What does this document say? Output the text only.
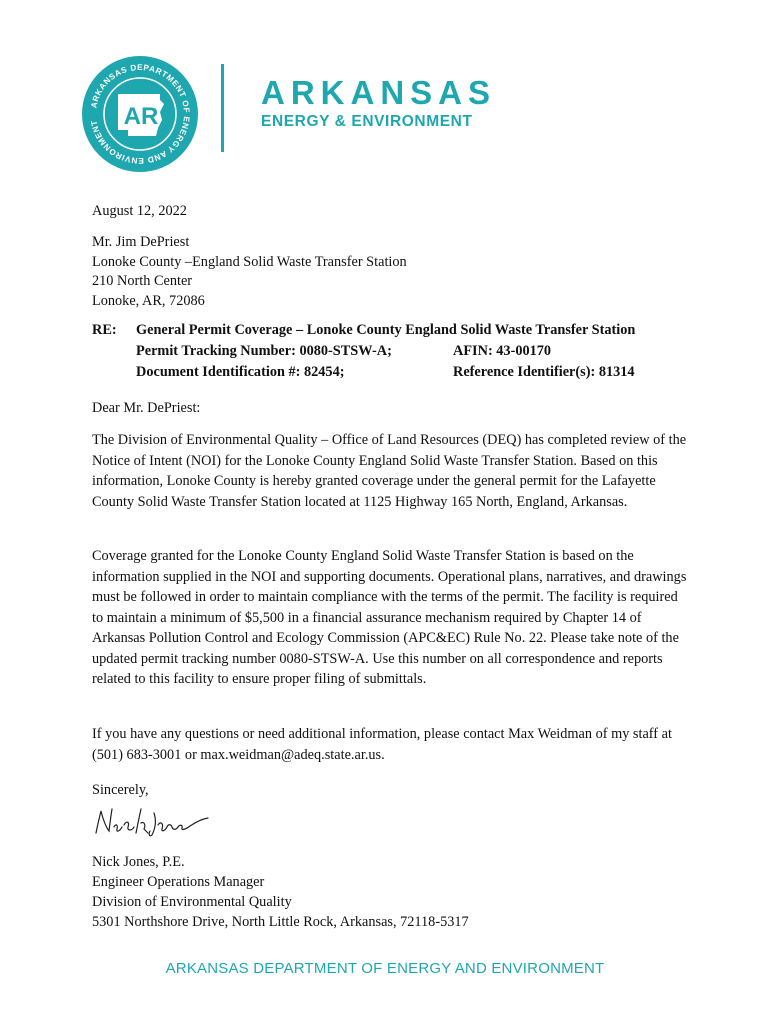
ARKANSAS DEPARTMENT OF ENERGY AND ENVIRONMENT	AR
ARKANSAS

ENERGY & ENVIRONMENT

August 12, 2022

Mr. Jim DePriest
Lonoke County –England Solid Waste Transfer Station
210 North Center
Lonoke, AR, 72086
RE: General Permit Coverage – Lonoke County England Solid Waste Transfer Station
Permit Tracking Number: 0080-STSW-A;	AFIN: 43-00170
Document Identification #: 82454;	Reference Identifier(s): 81314

Dear Mr. DePriest:

The Division of Environmental Quality – Office of Land Resources (DEQ) has completed review of the Notice of Intent (NOI) for the Lonoke County England Solid Waste Transfer Station. Based on this information, Lonoke County is hereby granted coverage under the general permit for the Lafayette County Solid Waste Transfer Station located at 1125 Highway 165 North, England, Arkansas.

Coverage granted for the Lonoke County England Solid Waste Transfer Station is based on the information supplied in the NOI and supporting documents. Operational plans, narratives, and drawings must be followed in order to maintain compliance with the terms of the permit. The facility is required to maintain a minimum of $5,500 in a financial assurance mechanism required by Chapter 14 of Arkansas Pollution Control and Ecology Commission (APC&EC) Rule No. 22. Please take note of the updated permit tracking number 0080-STSW-A. Use this number on all correspondence and reports related to this facility to ensure proper filing of submittals.

If you have any questions or need additional information, please contact Max Weidman of my staff at (501) 683-3001 or max.weidman@adeq.state.ar.us.

Sincerely,

Nick Jones, P.E.
Engineer Operations Manager
Division of Environmental Quality
5301 Northshore Drive, North Little Rock, Arkansas, 72118-5317
ARKANSAS DEPARTMENT OF ENERGY AND ENVIRONMENT
